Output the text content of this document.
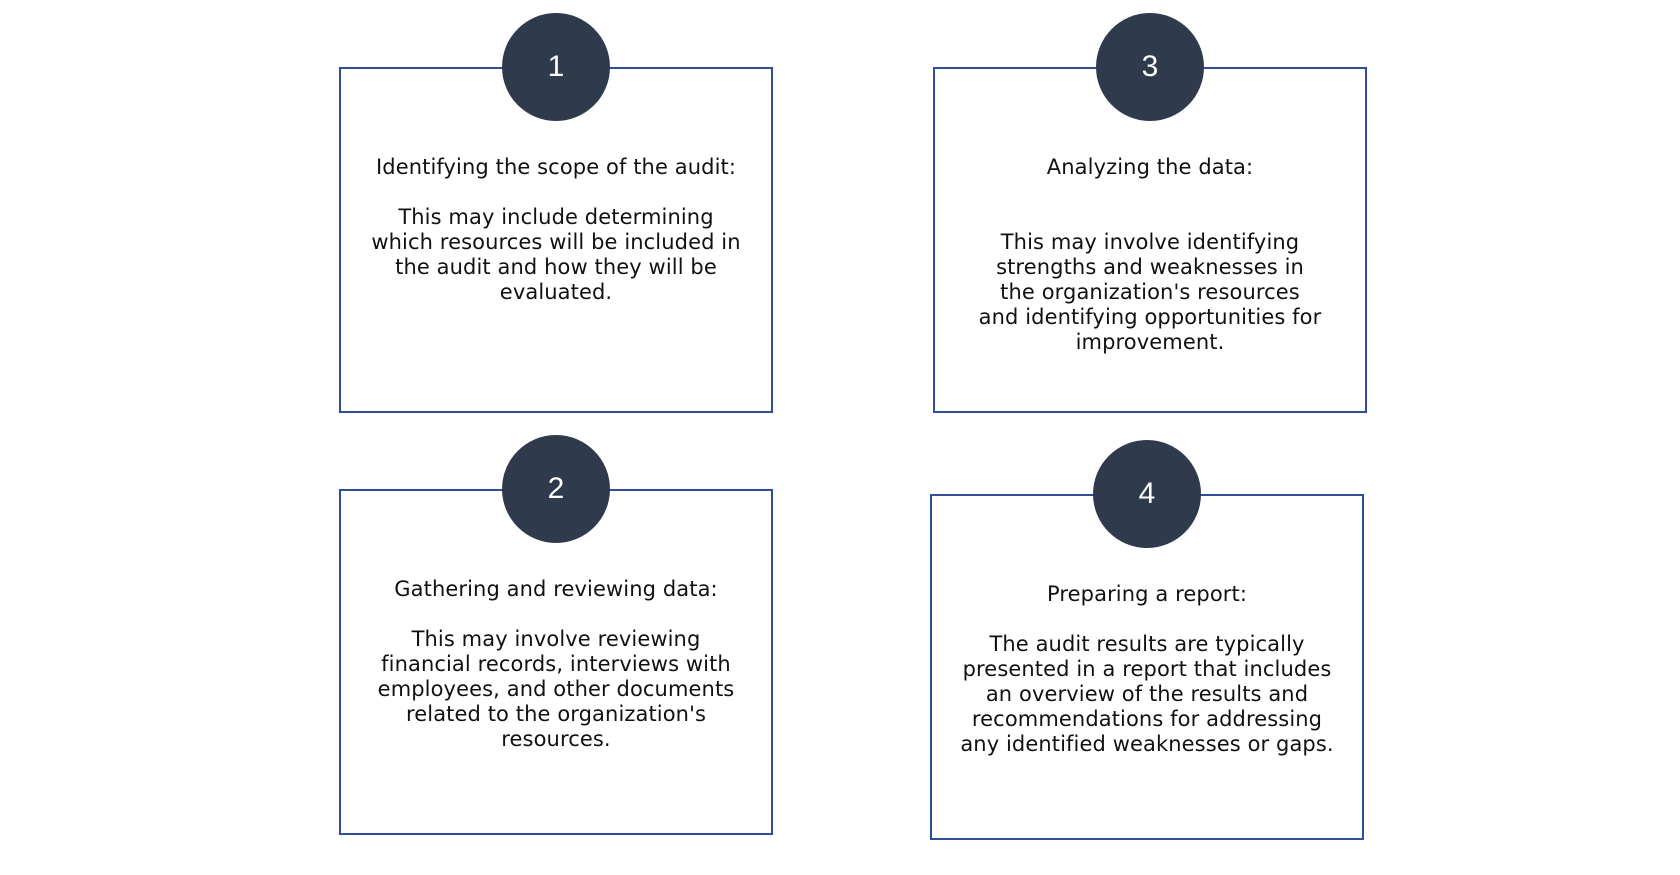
Identifying the scope of the audit:

This may include determining which resources will be included in the audit and how they will be evaluated.

1

Gathering and reviewing data:

This may involve reviewing financial records, interviews with employees, and other documents related to the organization's resources.

2

Analyzing the data:

This may involve identifying strengths and weaknesses in the organization's resources and identifying opportunities for improvement.

3

Preparing a report:

The audit results are typically presented in a report that includes an overview of the results and recommendations for addressing any identified weaknesses or gaps.

4
